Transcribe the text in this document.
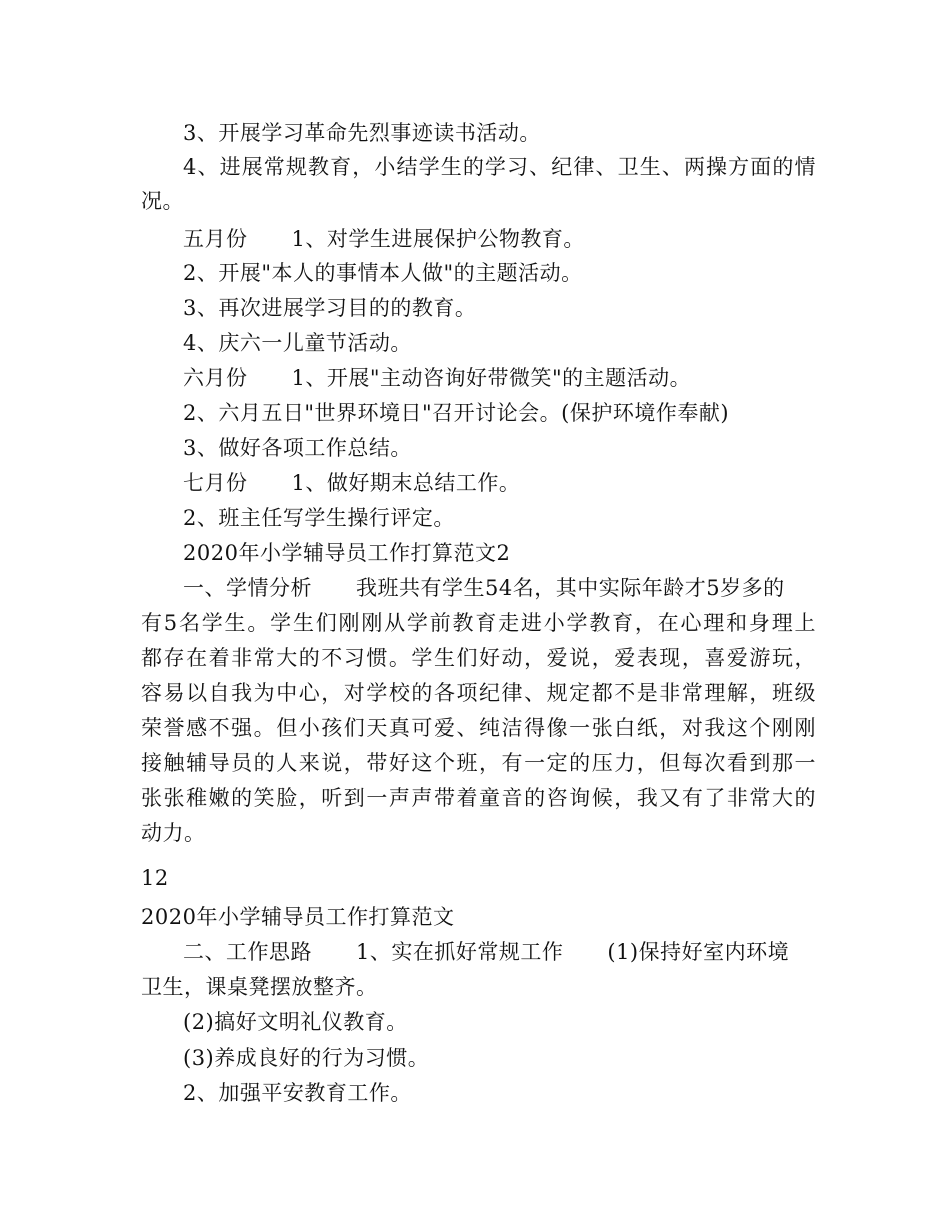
3、开展学习革命先烈事迹读书活动。
4、进展常规教育，小结学生的学习、纪律、卫生、两操方面的情
况。
五月份 1、对学生进展保护公物教育。
2、开展"本人的事情本人做"的主题活动。
3、再次进展学习目的的教育。
4、庆六一儿童节活动。
六月份 1、开展"主动咨询好带微笑"的主题活动。
2、六月五日"世界环境日"召开讨论会。(保护环境作奉献)
3、做好各项工作总结。
七月份 1、做好期末总结工作。
2、班主任写学生操行评定。
2020年小学辅导员工作打算范文2
一、学情分析 我班共有学生54名，其中实际年龄才5岁多的
有5名学生。学生们刚刚从学前教育走进小学教育，在心理和身理上
都存在着非常大的不习惯。学生们好动，爱说，爱表现，喜爱游玩，
容易以自我为中心，对学校的各项纪律、规定都不是非常理解，班级
荣誉感不强。但小孩们天真可爱、纯洁得像一张白纸，对我这个刚刚
接触辅导员的人来说，带好这个班，有一定的压力，但每次看到那一
张张稚嫩的笑脸，听到一声声带着童音的咨询候，我又有了非常大的
动力。
12
2020年小学辅导员工作打算范文
二、工作思路 1、实在抓好常规工作 (1)保持好室内环境
卫生，课桌凳摆放整齐。
(2)搞好文明礼仪教育。
(3)养成良好的行为习惯。
2、加强平安教育工作。
